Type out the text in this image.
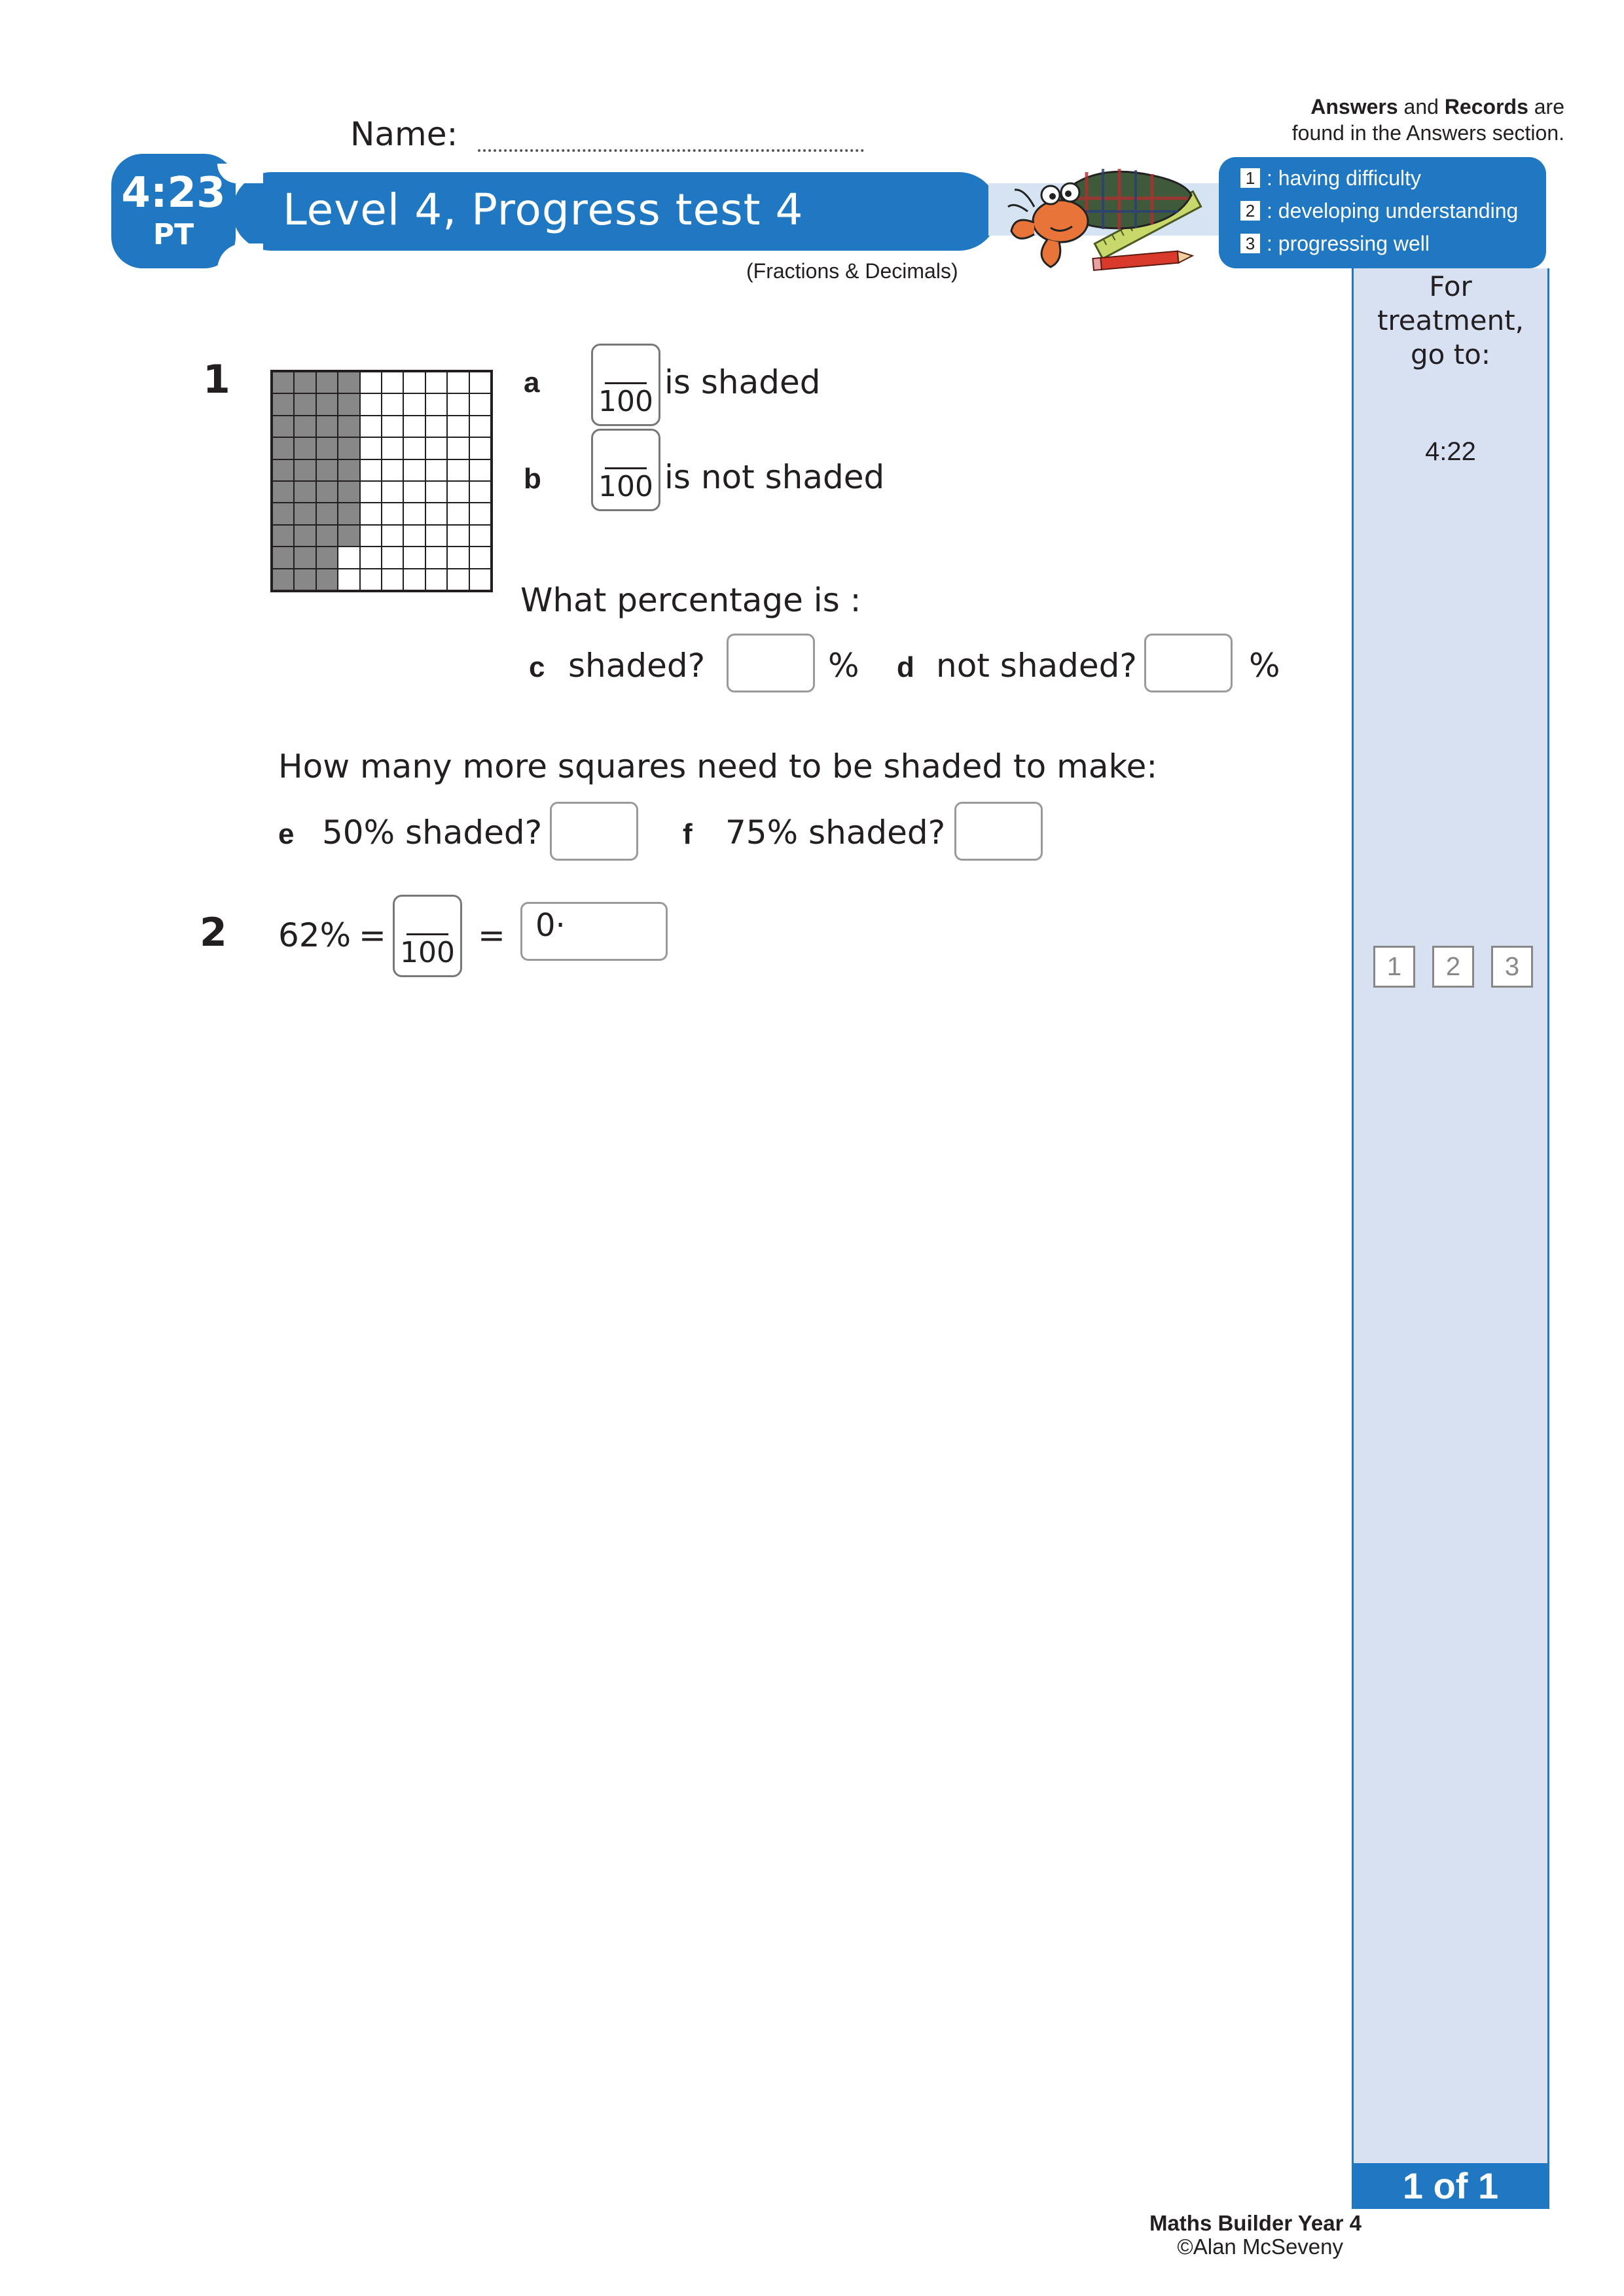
Name:
Answers and Records are
found in the Answers section.
4:23
PT	Level 4, Progress test 4
(Fractions & Decimals)
1 : having difficulty
2 : developing understanding
3 : progressing well
For treatment,
go to:
4:22
1	2	3
1 of 1
1	a
100
is shaded
b 100 is not shaded
What percentage is :
c shaded?	% d not shaded?	%
How many more squares need to be shaded to make:
e 50% shaded?	f 75% shaded?
2 62% = 100 = 0·
Maths Builder Year 4
©Alan McSeveny
